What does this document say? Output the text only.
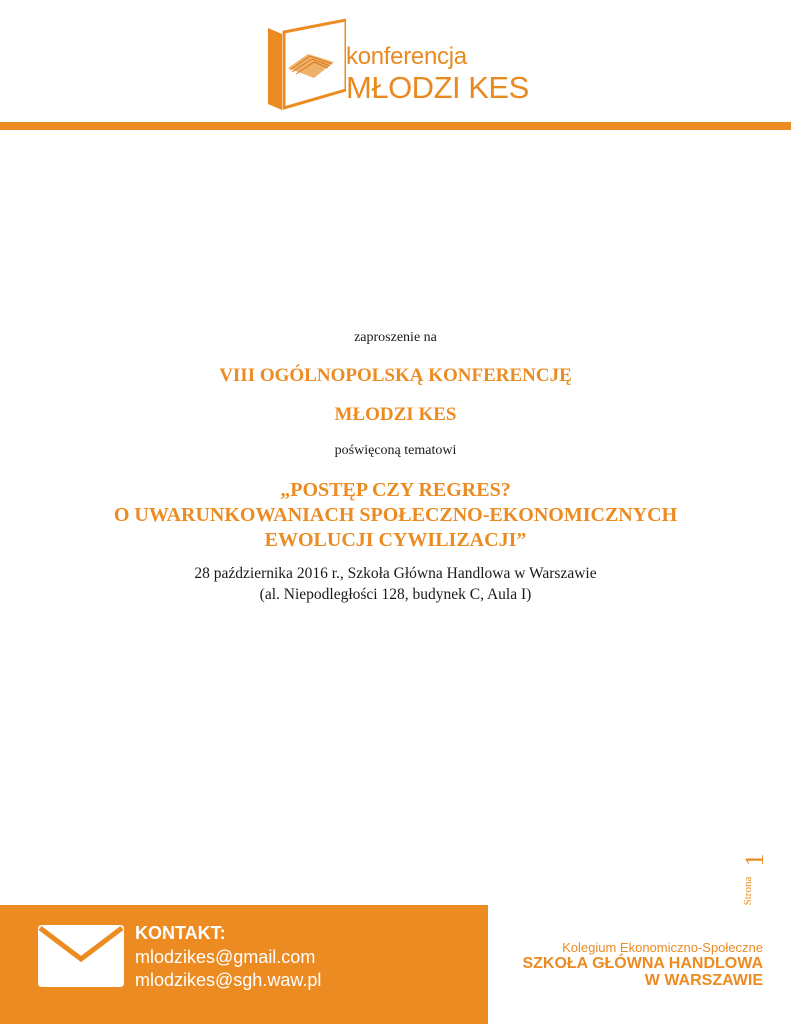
konferencja
MŁODZI KES
zaproszenie na
VIII OGÓLNOPOLSKĄ KONFERENCJĘ
MŁODZI KES
poświęconą tematowi
„POSTĘP CZY REGRES?
O UWARUNKOWANIACH SPOŁECZNO-EKONOMICZNYCH
EWOLUCJI CYWILIZACJI”
28 października 2016 r., Szkoła Główna Handlowa w Warszawie
(al. Niepodległości 128, budynek C, Aula I)
1
Strona
KONTAKT:
mlodzikes@gmail.com
mlodzikes@sgh.waw.pl
Kolegium Ekonomiczno-Społeczne
SZKOŁA GŁÓWNA HANDLOWA
W WARSZAWIE
